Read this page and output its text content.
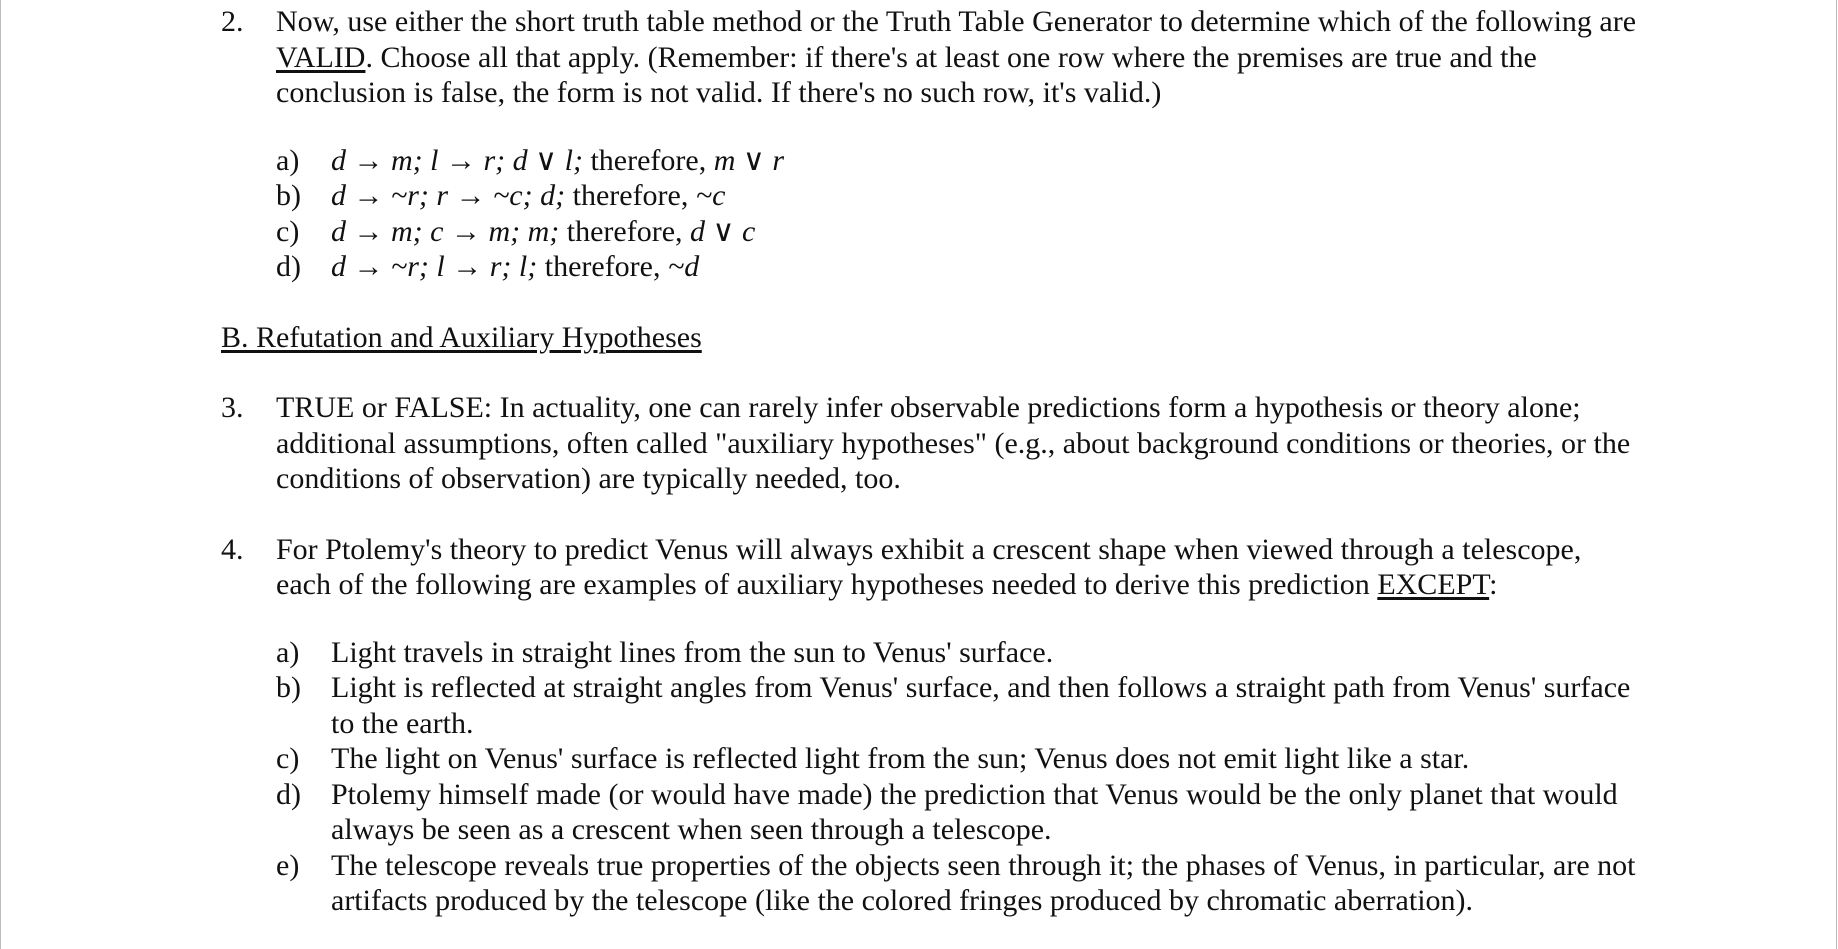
2.	Now, use either the short truth table method or the Truth Table Generator to determine which of the following are VALID. Choose all that apply. (Remember: if there's at least one row where the premises are true and the conclusion is false, the form is not valid. If there's no such row, it's valid.)
a)	d → m; l → r; d ∨ l; therefore, m ∨ r
b)	d → ~r; r → ~c; d; therefore, ~c
c)	d → m; c → m; m; therefore, d ∨ c
d)	d → ~r; l → r; l; therefore, ~d
B. Refutation and Auxiliary Hypotheses
3.	TRUE or FALSE: In actuality, one can rarely infer observable predictions form a hypothesis or theory alone; additional assumptions, often called "auxiliary hypotheses" (e.g., about background conditions or theories, or the conditions of observation) are typically needed, too.
4.	For Ptolemy's theory to predict Venus will always exhibit a crescent shape when viewed through a telescope, each of the following are examples of auxiliary hypotheses needed to derive this prediction EXCEPT:
a)	Light travels in straight lines from the sun to Venus' surface.
b)	Light is reflected at straight angles from Venus' surface, and then follows a straight path from Venus' surface to the earth.
c)	The light on Venus' surface is reflected light from the sun; Venus does not emit light like a star.
d)	Ptolemy himself made (or would have made) the prediction that Venus would be the only planet that would always be seen as a crescent when seen through a telescope.
e)	The telescope reveals true properties of the objects seen through it; the phases of Venus, in particular, are not artifacts produced by the telescope (like the colored fringes produced by chromatic aberration).
